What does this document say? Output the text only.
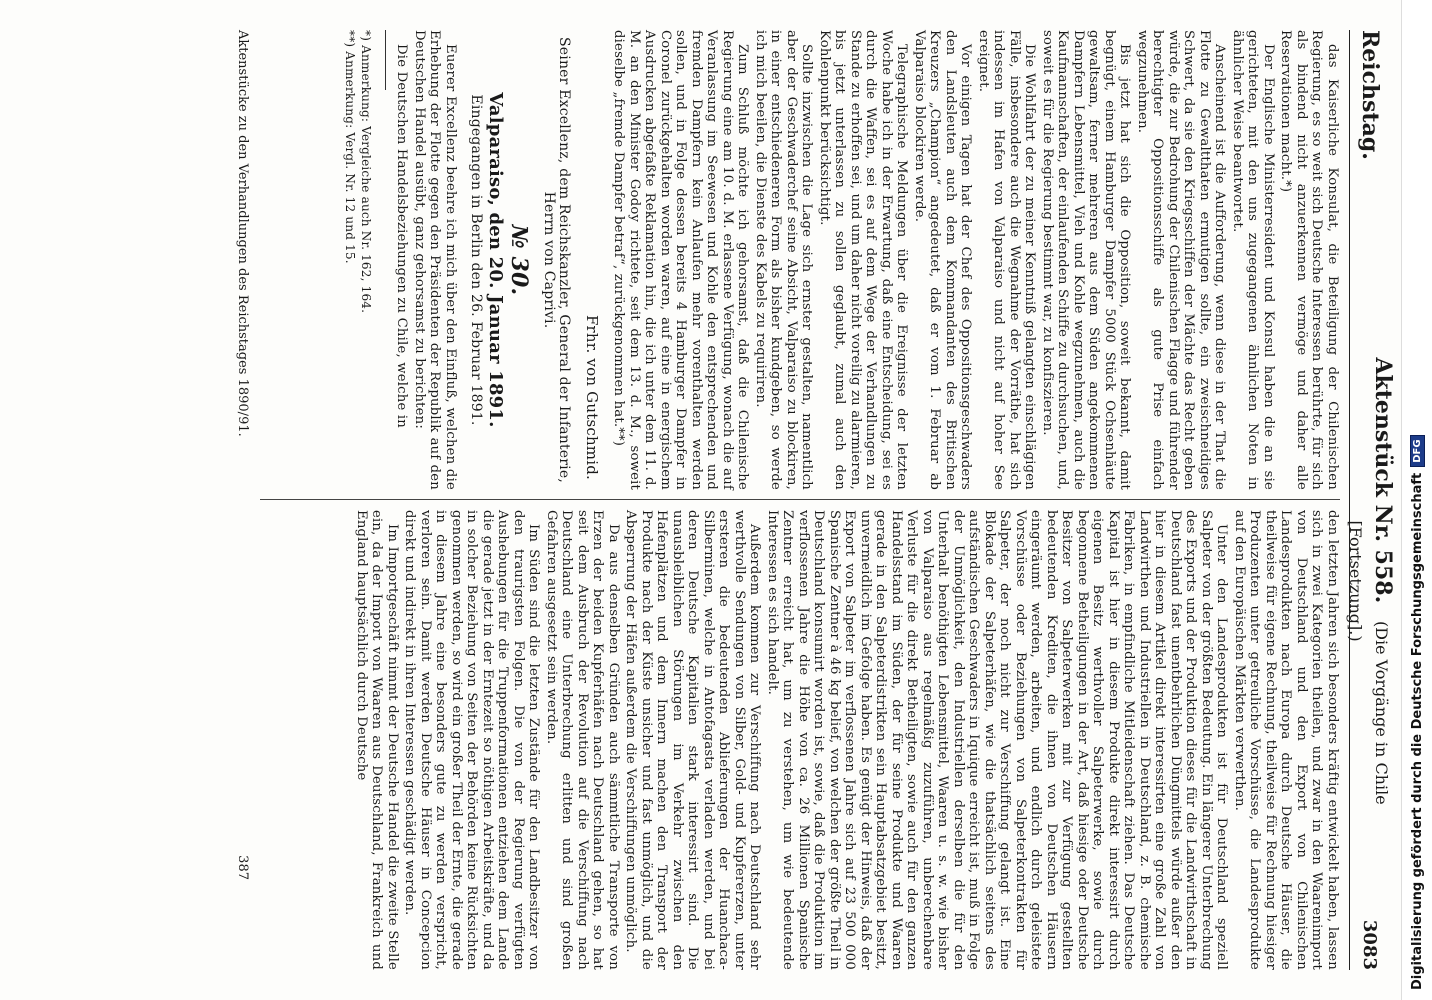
Reichstag.
Aktenstück Nr. 558. (Die Vorgänge in Chile [Fortsetzung].)
3083

das Kaiserliche Konsulat, die Beteiligung der Chilenischen Regierung, es so weit sich Deutsche Interessen berührte, für sich als bindend nicht anzuerkennen vermöge und daher alle Reservationen macht.*)

Der Englische Ministerresident und Konsul haben die an sie gerichteten, mit den uns zugegangenen ähnlichen Noten in ähnlicher Weise beantwortet.

Anscheinend ist die Aufforderung, wenn diese in der That die Flotte zu Gewaltthaten ermutigen sollte, ein zweischneidiges Schwert, da sie den Kriegsschiffen der Mächte das Recht geben würde, die zur Bedrohung der Chilenischen Flagge und führender berechtigter Oppositionsschiffe als gute Prise einfach wegzunehmen.

Bis jetzt hat sich die Opposition, soweit bekannt, damit begnügt, einem Hamburger Dampfer 5000 Stück Ochsenhäute gewaltsam, ferner mehreren aus dem Süden angekommenen Dampfern Lebensmittel, Vieh und Kohle wegzunehmen, auch die Kaufmannschaften, der einlaufenden Schiffe zu durchsuchen, und, soweit es für die Regierung bestimmt war, zu konfiszieren.

Die Wohlfahrt der zu meiner Kenntniß gelangten einschlägigen Fälle, insbesondere auch die Wegnahme der Vorräthe, hat sich indessen im Hafen von Valparaiso und nicht auf hoher See ereignet.

Vor einigen Tagen hat der Chef des Oppositionsgeschwaders den Landsleuten auch dem Kommandanten des Britischen Kreuzers „Champion“ angedeutet, daß er vom 1. Februar ab Valparaiso blockiren werde.

Telegraphische Meldungen über die Ereignisse der letzten Woche habe ich in der Erwartung, daß eine Entscheidung, sei es durch die Waffen, sei es auf dem Wege der Verhandlungen zu Stande zu erhoffen sei, und um daher nicht voreilig zu alarmieren, bis jetzt unterlassen zu sollen geglaubt, zumal auch den Kohlenpunkt berücksichtigt.

Sollte inzwischen die Lage sich ernster gestalten, namentlich aber der Geschwaderchef seine Absicht, Valparaiso zu blockiren, in einer entschiedeneren Form als bisher kundgeben, so werde ich mich beeilen, die Dienste des Kabels zu requiriren.

Zum Schluß möchte ich gehorsamst, daß die Chilenische Regierung eine am 10. d. M. erlassene Verfügung, wonach die auf Veranlassung im Seewesen und Kohle den entsprechenden und fremden Dampfern kein Anlaufen mehr vorenthalten werden sollen, und in Folge dessen bereits 4 Hamburger Dampfer in Coronel zurückgehalten worden waren, auf eine in energischem Ausdrucken abgefaßte Reklamation hin, die ich unter dem 11. d. M. an den Minister Godoy richtete, seit dem 13. d. M., soweit dieselbe „fremde Dampfer betraf“, zurückgenommen hat.**)

Frhr. von Gutschmid.
Seiner Excellenz, dem Reichskanzler, General der Infanterie, Herrn von Caprivi.
№ 30.
Valparaiso, den 20. Januar 1891.
Eingegangen in Berlin den 26. Februar 1891.

Euerer Excellenz beehre ich mich über den Einfluß, welchen die Erhebung der Flotte gegen den Präsidenten der Republik auf den Deutschen Handel ausübt, ganz gehorsamst zu berichten:

Die Deutschen Handelsbeziehungen zu Chile, welche in

*) Anmerkung: Vergleiche auch Nr. 162, 164.
**) Anmerkung: Vergl. Nr. 12 und 15.

den letzten Jahren sich besonders kräftig entwickelt haben, lassen sich in zwei Kategorien theilen, und zwar in den Waarenimport von Deutschland und den Export von Chilenischen Landesprodukten nach Europa durch Deutsche Häuser, die theilweise für eigene Rechnung, theilweise für Rechnung hiesiger Produzenten unter getreuliche Vorschüsse, die Landesprodukte auf den Europäischen Märkten verwerthen.

Unter den Landesprodukten ist für Deutschland speziell Salpeter von der größten Bedeutung. Ein längerer Unterbrechung des Exports und der Produktion dieses für die Landwirthschaft in Deutschland fast unentbehrlichen Düngmittels würde außer den hier in diesem Artikel direkt interessirten eine große Zahl von Landwirthen und Industriellen in Deutschland, z. B. chemische Fabriken, in empfindliche Mitleidenschaft ziehen. Das Deutsche Kapital ist hier in diesem Produkte direkt interessirt durch eigenen Besitz werthvoller Salpeterwerke, sowie durch begonnene Betheiligungen in der Art, daß hiesige oder Deutsche Besitzer von Salpeterwerken mit zur Verfügung gestellten bedeutenden Krediten, die ihnen von Deutschen Häusern eingeräumt werden, arbeiten, und endlich durch geleistete Vorschüsse oder Beziehungen von Salpeterkontrakten für Salpeter, der noch nicht zur Verschiffung gelangt ist. Eine Blokade der Salpeterhäfen, wie die thatsächlich seitens des aufständischen Geschwaders in Iquique erreicht ist, muß in Folge der Unmöglichkeit, den Industriellen derselben die für den Unterhalt benöthigten Lebensmittel, Waaren u. s. w. wie bisher von Valparaiso aus regelmäßig zuzuführen, unberechenbare Verluste für die direkt Betheiligten, sowie auch für den ganzen Handelsstand im Süden, der für seine Produkte und Waaren gerade in den Salpeterdistrikten sein Hauptabsatzgebiet besitzt, unvermeidlich im Gefolge haben. Es genügt der Hinweis, daß der Export von Salpeter im verflossenen Jahre sich auf 23 500 000 Spanische Zentner à 46 kg belief, von welchen der größte Theil in Deutschland konsumirt worden ist, sowie, daß die Produktion im verflossenen Jahre die Höhe von ca. 26 Millionen Spanische Zentner erreicht hat, um zu verstehen, um wie bedeutende Interessen es sich handelt.

Außerdem kommen zur Verschiffung nach Deutschland sehr werthvolle Sendungen von Silber, Gold- und Kupfererzen, unter ersteren die bedeutenden Ablieferungen der Huanchaca-Silberminen, welche in Antofagasta verladen werden, und bei deren Deutsche Kapitalien stark interessirt sind. Die unausbleiblichen Störungen im Verkehr zwischen den Hafenplätzen und dem Innern machen den Transport der Produkte nach der Küste unsicher und fast unmöglich, und die Absperrung der Häfen außerdem die Verschiffungen unmöglich.

Da aus denselben Gründen auch sämmtliche Transporte von Erzen der beiden Kupferhäfen nach Deutschland gehen, so hat seit dem Ausbruch der Revolution auf die Verschiffung nach Deutschland eine Unterbrechung erlitten und sind großen Gefahren ausgesetzt sein werden.

Im Süden sind die letzten Zustände für den Landbesitzer von den traurigsten Folgen. Die von der Regierung verfügten Aushebungen für die Truppenformationen entziehen dem Lande die gerade jetzt in der Erntezeit so nöthigen Arbeitskräfte, und da in solcher Beziehung von Seiten der Behörden keine Rücksichten genommen werden, so wird ein großer Theil der Ernte, die gerade in diesem Jahre eine besonders gute zu werden verspricht, verloren sein. Damit werden Deutsche Häuser in Concepcion direkt und indirekt in ihren Interessen geschädigt werden.

Im Importgeschäft nimmt der Deutsche Handel die zweite Stelle ein, da der Import von Waaren aus Deutschland, Frankreich und England hauptsächlich durch Deutsche

Aktenstücke zu den Verhandlungen des Reichstages 1890/91.
387	Digitalisierung gefördert durch die Deutsche Forschungsgemeinschaft
DFG
